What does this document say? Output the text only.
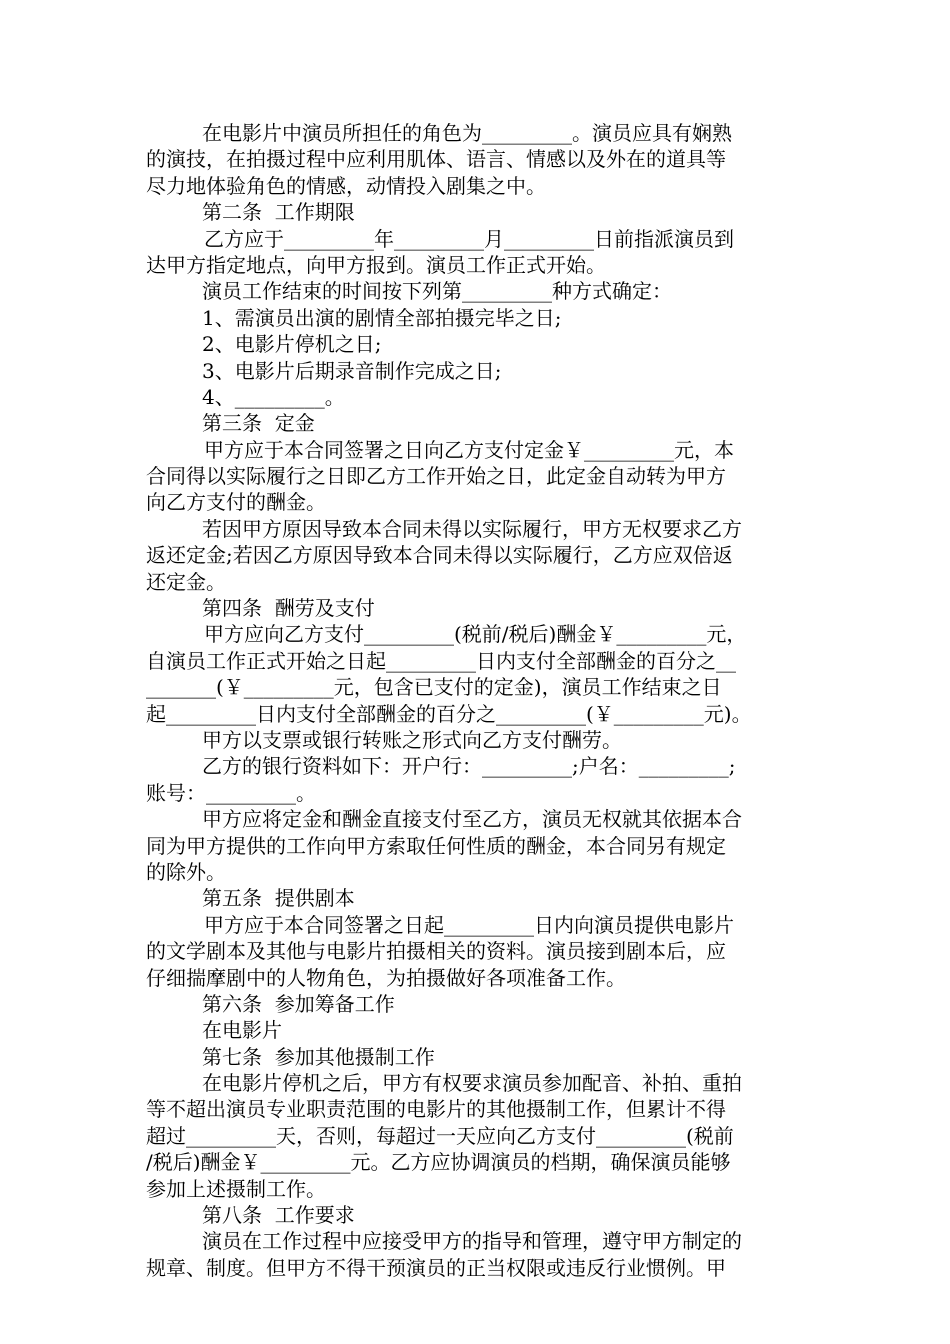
在电影片中演员所担任的角色为_________。演员应具有娴熟
的演技，在拍摄过程中应利用肌体、语言、情感以及外在的道具等
尽力地体验角色的情感，动情投入剧集之中。
第二条  工作期限
乙方应于_________年_________月_________日前指派演员到
达甲方指定地点，向甲方报到。演员工作正式开始。
演员工作结束的时间按下列第_________种方式确定：
1、需演员出演的剧情全部拍摄完毕之日;
2、电影片停机之日;
3、电影片后期录音制作完成之日;
4、_________。
第三条  定金
甲方应于本合同签署之日向乙方支付定金￥_________元，本
合同得以实际履行之日即乙方工作开始之日，此定金自动转为甲方
向乙方支付的酬金。
若因甲方原因导致本合同未得以实际履行，甲方无权要求乙方
返还定金;若因乙方原因导致本合同未得以实际履行，乙方应双倍返
还定金。
第四条  酬劳及支付
甲方应向乙方支付_________(税前/税后)酬金￥_________元，
自演员工作正式开始之日起_________日内支付全部酬金的百分之__
_______(￥_________元，包含已支付的定金)，演员工作结束之日
起_________日内支付全部酬金的百分之_________(￥_________元)。
甲方以支票或银行转账之形式向乙方支付酬劳。
乙方的银行资料如下：开户行：_________;户名：_________;
账号：_________。
甲方应将定金和酬金直接支付至乙方，演员无权就其依据本合
同为甲方提供的工作向甲方索取任何性质的酬金，本合同另有规定
的除外。
第五条  提供剧本
甲方应于本合同签署之日起_________日内向演员提供电影片
的文学剧本及其他与电影片拍摄相关的资料。演员接到剧本后，应
仔细揣摩剧中的人物角色，为拍摄做好各项准备工作。
第六条  参加筹备工作
在电影片
第七条  参加其他摄制工作
在电影片停机之后，甲方有权要求演员参加配音、补拍、重拍
等不超出演员专业职责范围的电影片的其他摄制工作，但累计不得
超过_________天，否则，每超过一天应向乙方支付_________(税前
/税后)酬金￥_________元。乙方应协调演员的档期，确保演员能够
参加上述摄制工作。
第八条  工作要求
演员在工作过程中应接受甲方的指导和管理，遵守甲方制定的
规章、制度。但甲方不得干预演员的正当权限或违反行业惯例。甲
